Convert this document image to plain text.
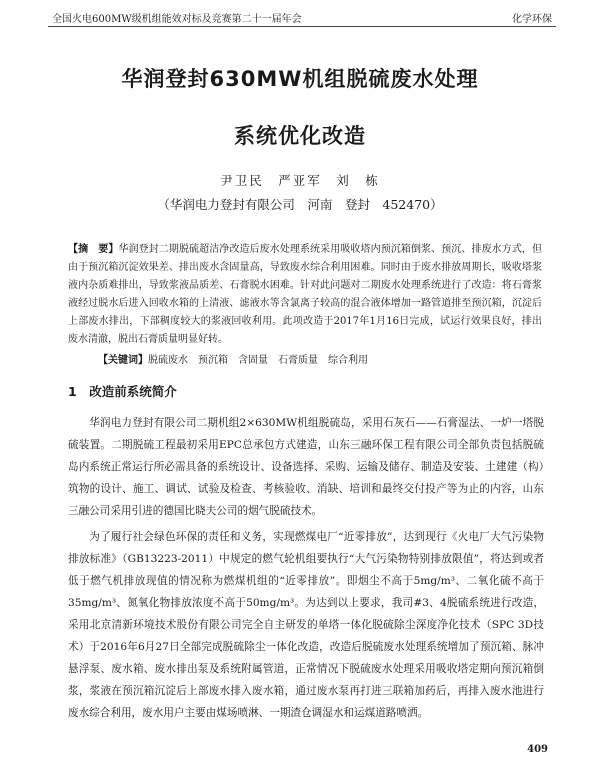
全国火电600MW级机组能效对标及竞赛第二十一届年会	化学环保
华润登封630MW机组脱硫废水处理
系统优化改造
尹卫民　严亚军　刘　栋
（华润电力登封有限公司　河南　登封　452470）
【摘　要】华润登封二期脱硫超洁净改造后废水处理系统采用吸收塔内预沉箱倒浆、预沉、排废水方式，但由于预沉箱沉淀效果差、排出废水含固量高，导致废水综合利用困难。同时由于废水排放周期长，吸收塔浆液内杂质难排出，导致浆液品质差、石膏脱水困难。针对此问题对二期废水处理系统进行了改造：将石膏浆液经过脱水后进入回收水箱的上清液、滤液水等含氯离子较高的混合液体增加一路管道排至预沉箱，沉淀后上部废水排出，下部稠度较大的浆液回收利用。此项改造于2017年1月16日完成，试运行效果良好，排出废水清澈，脱出石膏质量明显好转。
【关键词】脱硫废水　预沉箱　含固量　石膏质量　综合利用
1　 改造前系统简介

华润电力登封有限公司二期机组2×630MW机组脱硫岛，采用石灰石——石膏湿法、一炉一塔脱硫装置。二期脱硫工程最初采用EPC总承包方式建造，山东三融环保工程有限公司全部负责包括脱硫岛内系统正常运行所必需具备的系统设计、设备选择、采购、运输及储存、制造及安装、土建建（构）筑物的设计、施工、调试、试验及检查、考核验收、消缺、培训和最终交付投产等为止的内容，山东三融公司采用引进的德国比晓夫公司的烟气脱硫技术。

为了履行社会绿色环保的责任和义务，实现燃煤电厂“近零排放”，达到现行《火电厂大气污染物排放标准》（GB13223-2011）中规定的燃气轮机组要执行“大气污染物特别排放限值”，将达到或者低于燃气机排放现值的情况称为燃煤机组的“近零排放”。即烟尘不高于5mg/m³、二氧化硫不高于35mg/m³、氮氧化物排放浓度不高于50mg/m³。为达到以上要求，我司#3、4脱硫系统进行改造，采用北京清新环境技术股份有限公司完全自主研发的单塔一体化脱硫除尘深度净化技术（SPC 3D技术）于2016年6月27日全部完成脱硫除尘一体化改造，改造后脱硫废水处理系统增加了预沉箱、脉冲悬浮泵、废水箱、废水排出泵及系统附属管道，正常情况下脱硫废水处理采用吸收塔定期向预沉箱倒浆，浆液在预沉箱沉淀后上部废水排入废水箱，通过废水泵再打进三联箱加药后，再排入废水池进行废水综合利用，废水用户主要由煤场喷淋、一期渣仓调湿水和运煤道路喷洒。

409
